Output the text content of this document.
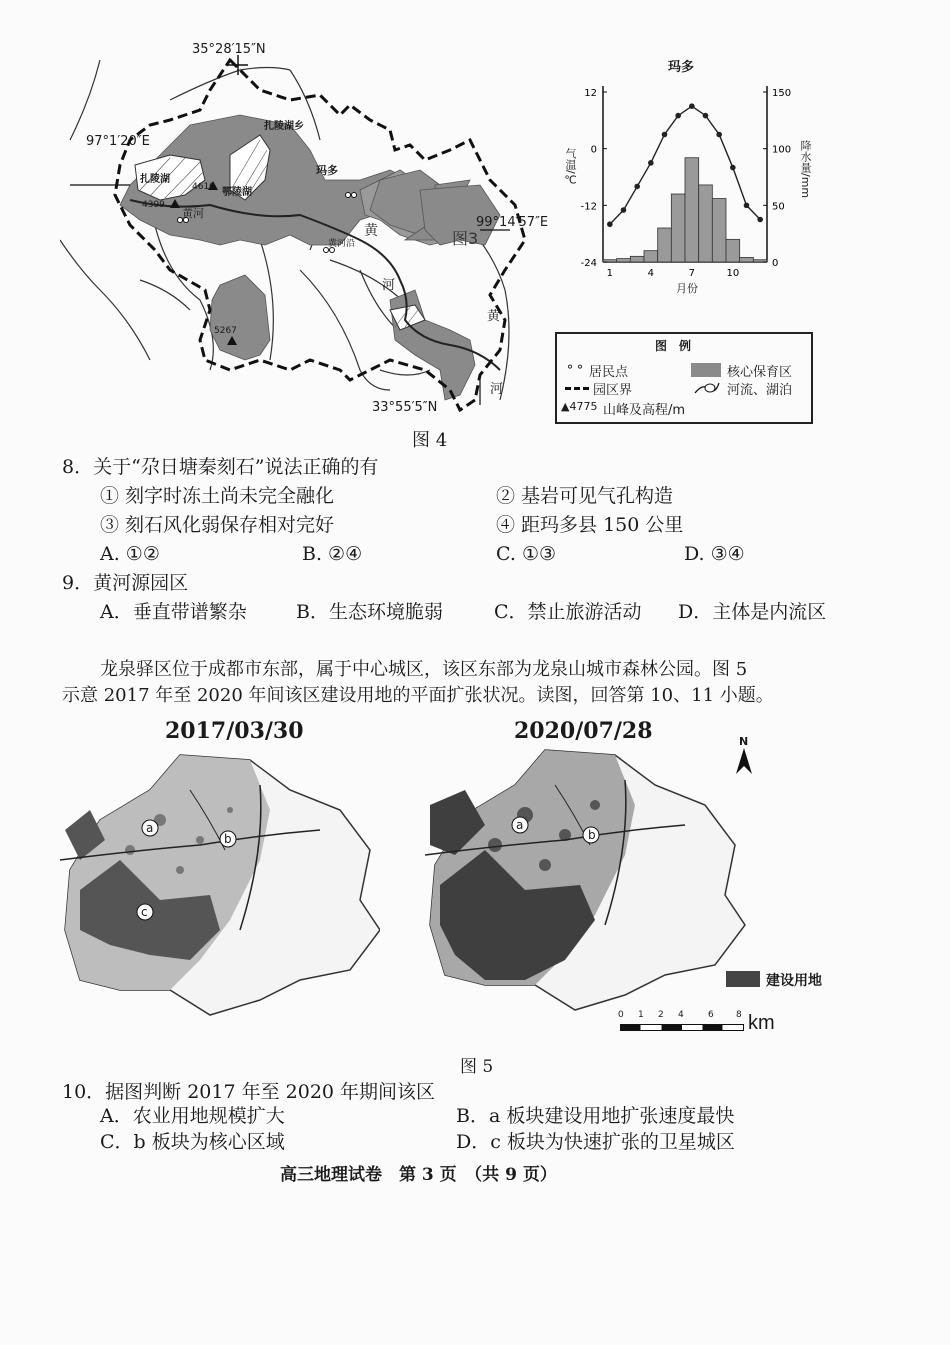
35°28′15″N
97°1′20″E
99°14′57″E
33°55′5″N
扎陵湖乡
玛多
扎陵湖
鄂陵湖
黄河
黄河沿
黄
河
黄
河
4610
4399
5267
图3
图 4
玛多
12
0
-12
-24
150
100
50
0
1	4	7	10
气温/℃	降水量/mm
月份
图　例
⚬⚬ 居民点	核心保育区
园区界	河流、湖泊
▲4775 山峰及高程/m
8．关于“尕日塘秦刻石”说法正确的有
① 刻字时冻土尚未完全融化	② 基岩可见气孔构造
③ 刻石风化弱保存相对完好	④ 距玛多县 150 公里
A. ①②	B. ②④	C. ①③	D. ③④
9．黄河源园区
A．垂直带谱繁杂	B．生态环境脆弱	C．禁止旅游活动 D．主体是内流区
龙泉驿区位于成都市东部，属于中心城区，该区东部为龙泉山城市森林公园。图 5
示意 2017 年至 2020 年间该区建设用地的平面扩张状况。读图，回答第 10、11 小题。
2017/03/30	2020/07/28
a
b
c
a
b
N
建设用地
0 1 2 4	6 8 km
图 5
10．据图判断 2017 年至 2020 年期间该区
A．农业用地规模扩大	B．a 板块建设用地扩张速度最快
C．b 板块为核心区域	D．c 板块为快速扩张的卫星城区
高三地理试卷　第 3 页　（共 9 页）
